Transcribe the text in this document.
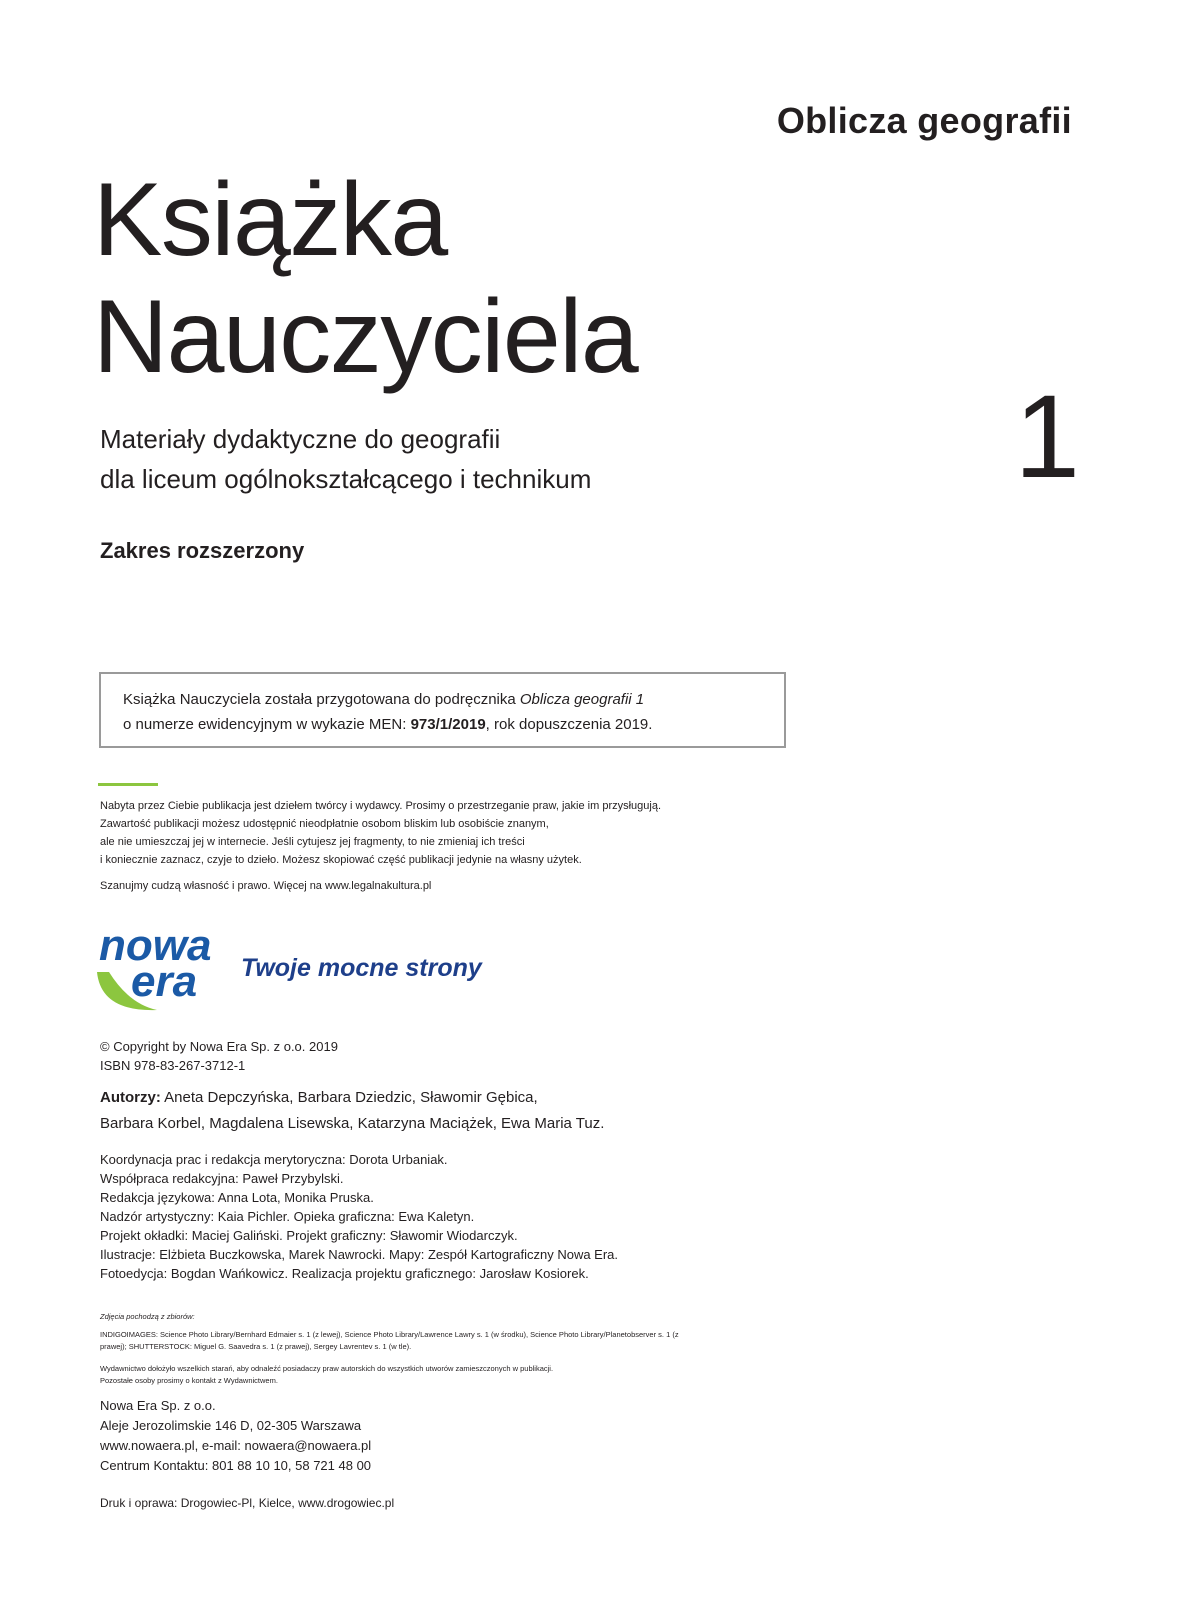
Oblicza geografii
Książka
Nauczyciela
1
Materiały dydaktyczne do geografii
dla liceum ogólnokształcącego i technikum
Zakres rozszerzony
Książka Nauczyciela została przygotowana do podręcznika Oblicza geografii 1
o numerze ewidencyjnym w wykazie MEN: 973/1/2019, rok dopuszczenia 2019.
Nabyta przez Ciebie publikacja jest dziełem twórcy i wydawcy. Prosimy o przestrzeganie praw, jakie im przysługują.
Zawartość publikacji możesz udostępnić nieodpłatnie osobom bliskim lub osobiście znanym,
ale nie umieszczaj jej w internecie. Jeśli cytujesz jej fragmenty, to nie zmieniaj ich treści
i koniecznie zaznacz, czyje to dzieło. Możesz skopiować część publikacji jedynie na własny użytek.
Szanujmy cudzą własność i prawo. Więcej na www.legalnakultura.pl
nowa
era Twoje mocne strony
© Copyright by Nowa Era Sp. z o.o. 2019
ISBN 978-83-267-3712-1
Autorzy: Aneta Depczyńska, Barbara Dziedzic, Sławomir Gębica,
Barbara Korbel, Magdalena Lisewska, Katarzyna Maciążek, Ewa Maria Tuz.
Koordynacja prac i redakcja merytoryczna: Dorota Urbaniak.
Współpraca redakcyjna: Paweł Przybylski.
Redakcja językowa: Anna Lota, Monika Pruska.
Nadzór artystyczny: Kaia Pichler. Opieka graficzna: Ewa Kaletyn.
Projekt okładki: Maciej Galiński. Projekt graficzny: Sławomir Wiodarczyk.
Ilustracje: Elżbieta Buczkowska, Marek Nawrocki. Mapy: Zespół Kartograficzny Nowa Era.
Fotoedycja: Bogdan Wańkowicz. Realizacja projektu graficznego: Jarosław Kosiorek.
Zdjęcia pochodzą z zbiorów:
INDIGOIMAGES: Science Photo Library/Bernhard Edmaier s. 1 (z lewej), Science Photo Library/Lawrence Lawry s. 1 (w środku), Science Photo Library/Planetobserver s. 1 (z
prawej); SHUTTERSTOCK: Miguel G. Saavedra s. 1 (z prawej), Sergey Lavrentev s. 1 (w tle).
Wydawnictwo dołożyło wszelkich starań, aby odnaleźć posiadaczy praw autorskich do wszystkich utworów zamieszczonych w publikacji.
Pozostałe osoby prosimy o kontakt z Wydawnictwem.
Nowa Era Sp. z o.o.
Aleje Jerozolimskie 146 D, 02-305 Warszawa
www.nowaera.pl, e-mail: nowaera@nowaera.pl
Centrum Kontaktu: 801 88 10 10, 58 721 48 00
Druk i oprawa: Drogowiec-Pl, Kielce, www.drogowiec.pl
